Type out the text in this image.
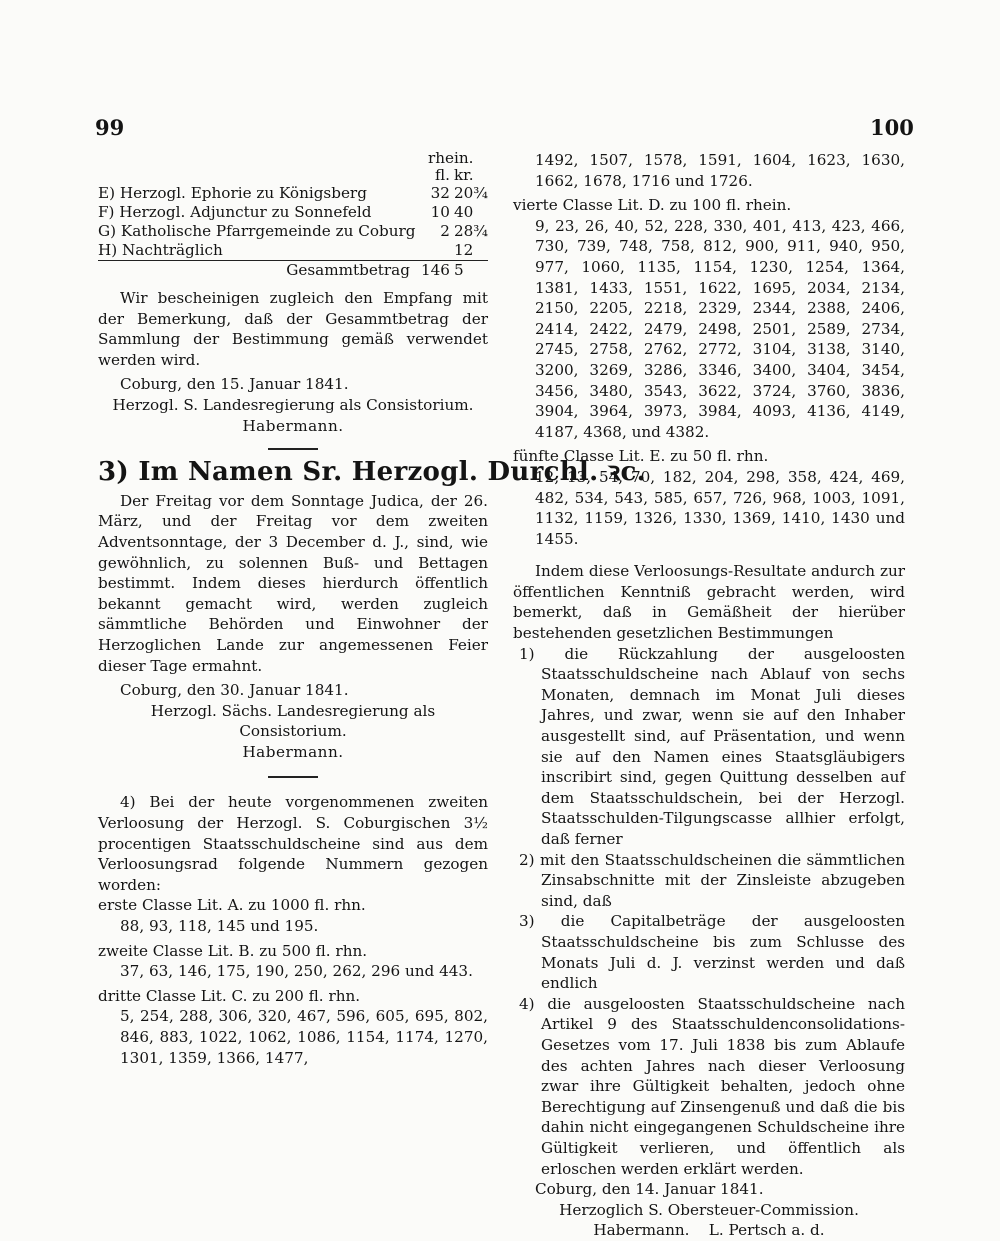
99	100
	rhein.	
	fl.	kr.
E) Herzogl. Ephorie zu Königsberg	32	20¾
F) Herzogl. Adjunctur zu Sonnefeld	10	40
G) Katholische Pfarrgemeinde zu Coburg	2	28¾
H) Nachträglich		12
Gesammtbetrag	146	5

Wir bescheinigen zugleich den Empfang mit der Bemerkung, daß der Gesammtbetrag der Sammlung der Bestimmung gemäß verwendet werden wird.

Coburg, den 15. Januar 1841.

Herzogl. S. Landesregierung als Consistorium.

Habermann.

3) Im Namen Sr. Herzogl. Durchl. ꝛc.

Der Freitag vor dem Sonntage Judica, der 26. März, und der Freitag vor dem zweiten Adventsonntage, der 3 December d. J., sind, wie gewöhnlich, zu solennen Buß- und Bettagen bestimmt. Indem dieses hierdurch öffentlich bekannt gemacht wird, werden zugleich sämmtliche Behörden und Einwohner der Herzoglichen Lande zur angemessenen Feier dieser Tage ermahnt.

Coburg, den 30. Januar 1841.

Herzogl. Sächs. Landesregierung als Consistorium.

Habermann.

4) Bei der heute vorgenommenen zweiten Verloosung der Herzogl. S. Coburgischen 3½ procentigen Staatsschuldscheine sind aus dem Verloosungsrad folgende Nummern gezogen worden:

erste Classe Lit. A. zu 1000 fl. rhn.

88, 93, 118, 145 und 195.

zweite Classe Lit. B. zu 500 fl. rhn.

37, 63, 146, 175, 190, 250, 262, 296 und 443.

dritte Classe Lit. C. zu 200 fl. rhn.

5, 254, 288, 306, 320, 467, 596, 605, 695, 802, 846, 883, 1022, 1062, 1086, 1154, 1174, 1270, 1301, 1359, 1366, 1477,

1492, 1507, 1578, 1591, 1604, 1623, 1630, 1662, 1678, 1716 und 1726.

vierte Classe Lit. D. zu 100 fl. rhein.

9, 23, 26, 40, 52, 228, 330, 401, 413, 423, 466, 730, 739, 748, 758, 812, 900, 911, 940, 950, 977, 1060, 1135, 1154, 1230, 1254, 1364, 1381, 1433, 1551, 1622, 1695, 2034, 2134, 2150, 2205, 2218, 2329, 2344, 2388, 2406, 2414, 2422, 2479, 2498, 2501, 2589, 2734, 2745, 2758, 2762, 2772, 3104, 3138, 3140, 3200, 3269, 3286, 3346, 3400, 3404, 3454, 3456, 3480, 3543, 3622, 3724, 3760, 3836, 3904, 3964, 3973, 3984, 4093, 4136, 4149, 4187, 4368, und 4382.

fünfte Classe Lit. E. zu 50 fl. rhn.

12, 13, 54, 70, 182, 204, 298, 358, 424, 469, 482, 534, 543, 585, 657, 726, 968, 1003, 1091, 1132, 1159, 1326, 1330, 1369, 1410, 1430 und 1455.

Indem diese Verloosungs-Resultate andurch zur öffentlichen Kenntniß gebracht werden, wird bemerkt, daß in Gemäßheit der hierüber bestehenden gesetzlichen Bestimmungen

1) die Rückzahlung der ausgeloosten Staatsschuldscheine nach Ablauf von sechs Monaten, demnach im Monat Juli dieses Jahres, und zwar, wenn sie auf den Inhaber ausgestellt sind, auf Präsentation, und wenn sie auf den Namen eines Staatsgläubigers inscribirt sind, gegen Quittung desselben auf dem Staatsschuldschein, bei der Herzogl. Staatsschulden-Tilgungscasse allhier erfolgt, daß ferner

2) mit den Staatsschuldscheinen die sämmtlichen Zinsabschnitte mit der Zinsleiste abzugeben sind, daß

3) die Capitalbeträge der ausgeloosten Staatsschuldscheine bis zum Schlusse des Monats Juli d. J. verzinst werden und daß endlich

4) die ausgeloosten Staatsschuldscheine nach Artikel 9 des Staatsschuldenconsolidations-Gesetzes vom 17. Juli 1838 bis zum Ablaufe des achten Jahres nach dieser Verloosung zwar ihre Gültigkeit behalten, jedoch ohne Berechtigung auf Zinsengenuß und daß die bis dahin nicht eingegangenen Schuldscheine ihre Gültigkeit verlieren, und öffentlich als erloschen werden erklärt werden.

Coburg, den 14. Januar 1841.

Herzoglich S. Obersteuer-Commission.

Habermann.    L. Pertsch a. d.
